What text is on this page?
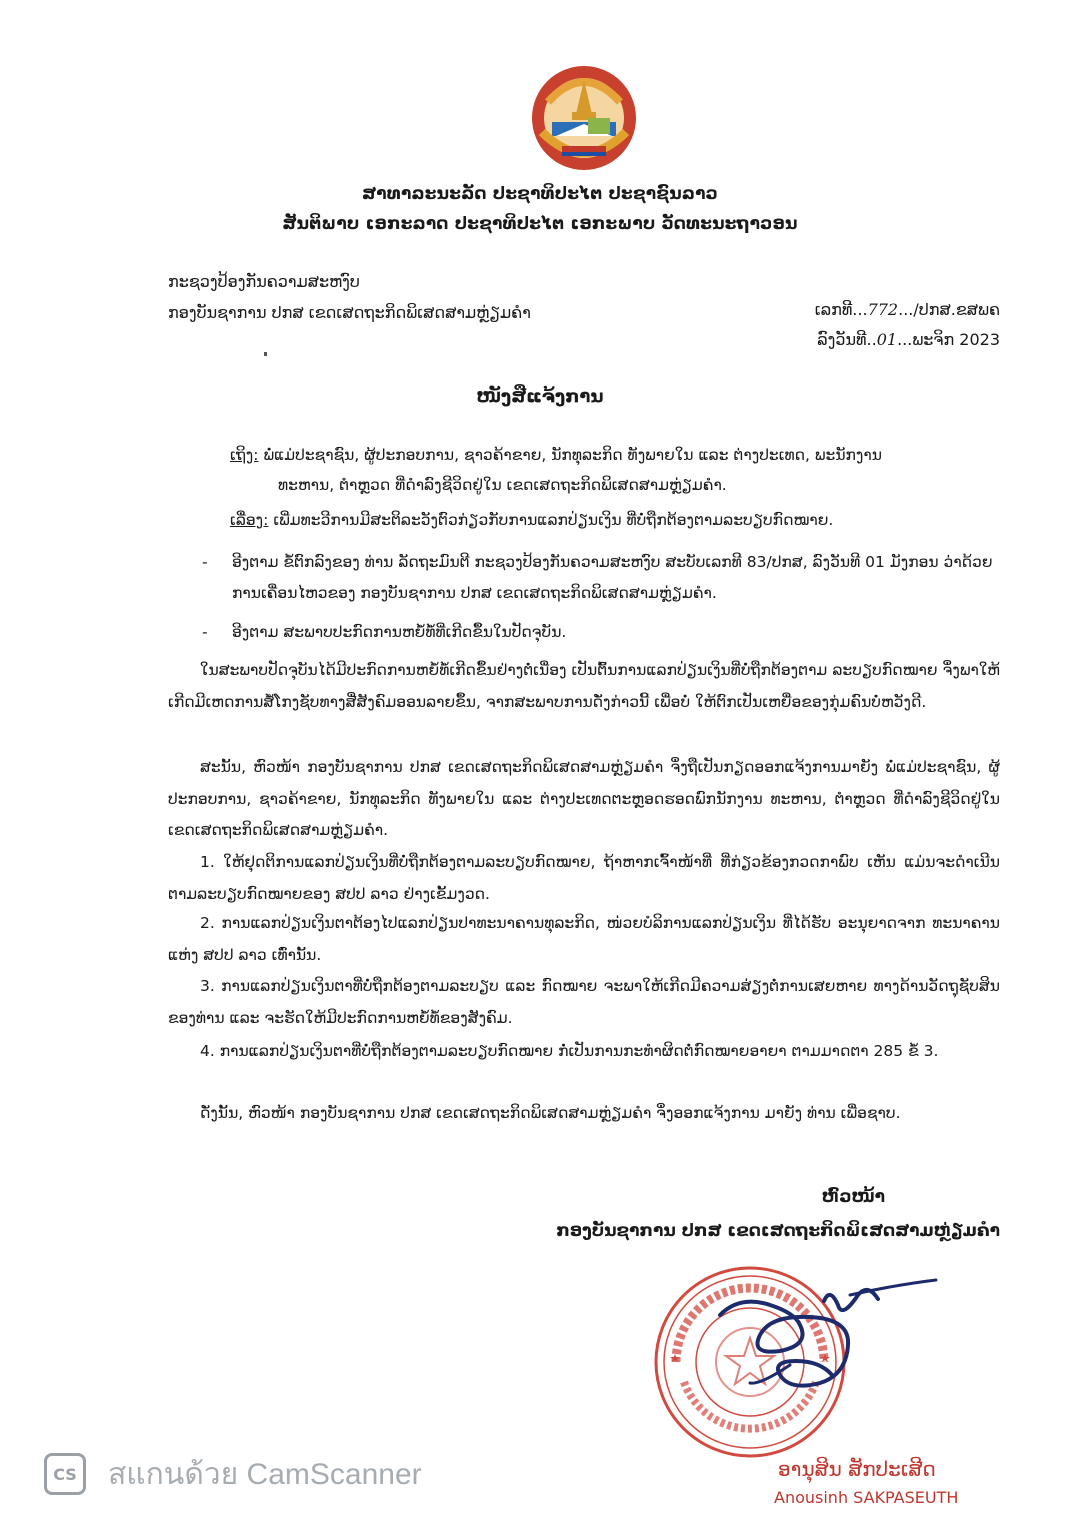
ສາທາລະນະລັດ ປະຊາທິປະໄຕ ປະຊາຊົນລາວ
ສັນຕິພາບ ເອກະລາດ ປະຊາທິປະໄຕ ເອກະພາບ ວັດທະນະຖາວອນ
ກະຊວງປ້ອງກັນຄວາມສະຫງົບ
ກອງບັນຊາການ ປກສ ເຂດເສດຖະກິດພິເສດສາມຫຼ່ຽມຄຳ	ເລກທີ...772.../ປກສ.ຂສພຄ
ລົງວັນທີ..01...ພະຈິກ 2023
ໜັງສືແຈ້ງການ
ເຖິງ: ພໍ່ແມ່ປະຊາຊົນ, ຜູ້ປະກອບການ, ຊາວຄ້າຂາຍ, ນັກທຸລະກິດ ທັງພາຍໃນ ແລະ ຕ່າງປະເທດ, ພະນັກງານ
ທະຫານ, ຕຳຫຼວດ ທີ່ດຳລົງຊີວິດຢູ່ໃນ ເຂດເສດຖະກິດພິເສດສາມຫຼ່ຽມຄຳ.
ເລື່ອງ: ເພີ່ມທະວີການມີສະຕິລະວັງຕົວກ່ຽວກັບການແລກປ່ຽນເງິນ ທີ່ບໍ່ຖືກຕ້ອງຕາມລະບຽບກົດໝາຍ.
-	ອີງຕາມ ຂໍ້ຕົກລົງຂອງ ທ່ານ ລັດຖະມົນຕີ ກະຊວງປ້ອງກັນຄວາມສະຫງົບ ສະບັບເລກທີ 83/ປກສ, ລົງວັນທີ 01 ມັງກອນ ວ່າດ້ວຍການເຄື່ອນໄຫວຂອງ ກອງບັນຊາການ ປກສ ເຂດເສດຖະກິດພິເສດສາມຫຼ່ຽມຄຳ.
-	ອີງຕາມ ສະພາບປະກົດການຫຍໍ້ທໍ້ທີ່ເກີດຂຶ້ນໃນປັດຈຸບັນ.
ໃນສະພາບປັດຈຸບັນໄດ້ມີປະກົດການຫຍໍ້ທໍ້ເກີດຂຶ້ນຢ່າງຕໍ່ເນື່ອງ ເປັນຕົ້ນການແລກປ່ຽນເງິນທີ່ບໍ່ຖືກຕ້ອງຕາມ ລະບຽບກົດໝາຍ ຈຶ່ງພາໃຫ້ເກີດມີເຫດການສໍ້ໂກງຊັບທາງສື່ສັງຄົມອອນລາຍຂຶ້ນ, ຈາກສະພາບການດັ່ງກ່າວນີ້ ເພື່ອບໍ່ ໃຫ້ຕົກເປັນເຫຍື່ອຂອງກຸ່ມຄົນບໍ່ຫວັງດີ.
ສະນັ້ນ, ຫົວໜ້າ ກອງບັນຊາການ ປກສ ເຂດເສດຖະກິດພິເສດສາມຫຼ່ຽມຄຳ ຈຶ່ງຖືເປັນກຽດອອກແຈ້ງການມາຍັງ ພໍ່ແມ່ປະຊາຊົນ, ຜູ້ປະກອບການ, ຊາວຄ້າຂາຍ, ນັກທຸລະກິດ ທັງພາຍໃນ ແລະ ຕ່າງປະເທດຕະຫຼອດຮອດພົກນັກງານ ທະຫານ, ຕຳຫຼວດ ທີ່ດຳລົງຊີວິດຢູ່ໃນ ເຂດເສດຖະກິດພິເສດສາມຫຼ່ຽມຄຳ.
1. ໃຫ້ຢຸດຕິການແລກປ່ຽນເງິນທີ່ບໍ່ຖືກຕ້ອງຕາມລະບຽບກົດໝາຍ, ຖ້າຫາກເຈົ້າໜ້າທີ່ ທີ່ກ່ຽວຂ້ອງກວດກາພົບ ເຫັນ ແມ່ນຈະດຳເນີນຕາມລະບຽບກົດໝາຍຂອງ ສປປ ລາວ ຢ່າງເຂັ້ມງວດ.
2. ການແລກປ່ຽນເງິນຕາຕ້ອງໄປແລກປ່ຽນປາທະນາຄານທຸລະກິດ, ໜ່ວຍບໍລິການແລກປ່ຽນເງິນ ທີ່ໄດ້ຮັບ ອະນຸຍາດຈາກ ທະນາຄານແຫ່ງ ສປປ ລາວ ເທົ່ານັ້ນ.
3. ການແລກປ່ຽນເງິນຕາທີ່ບໍ່ຖືກຕ້ອງຕາມລະບຽບ ແລະ ກົດໝາຍ ຈະພາໃຫ້ເກີດມີຄວາມສ່ຽງຕໍ່ການເສຍຫາຍ ທາງດ້ານວັດຖຸຊັບສິນຂອງທ່ານ ແລະ ຈະຮັດໃຫ້ມີປະກົດການຫຍໍ້ທໍ້ຂອງສັງຄົມ.
4. ການແລກປ່ຽນເງິນຕາທີ່ບໍ່ຖືກຕ້ອງຕາມລະບຽບກົດໝາຍ ກໍ່ເປັນການກະທຳຜິດຕໍ່ກົດໝາຍອາຍາ ຕາມມາດຕາ 285 ຂໍ້ 3.
ດັ່ງນັ້ນ, ຫົວໜ້າ ກອງບັນຊາການ ປກສ ເຂດເສດຖະກິດພິເສດສາມຫຼ່ຽມຄຳ ຈຶ່ງອອກແຈ້ງການ ມາຍັງ ທ່ານ ເພື່ອຊາບ.
ຫົວໜ້າ
ກອງບັນຊາການ ປກສ ເຂດເສດຖະກິດພິເສດສາມຫຼ່ຽມຄຳ
ອານຸສິນ ສັກປະເສີດ
Anousinh SAKPASEUTH
CS	สแกนด้วย CamScanner
